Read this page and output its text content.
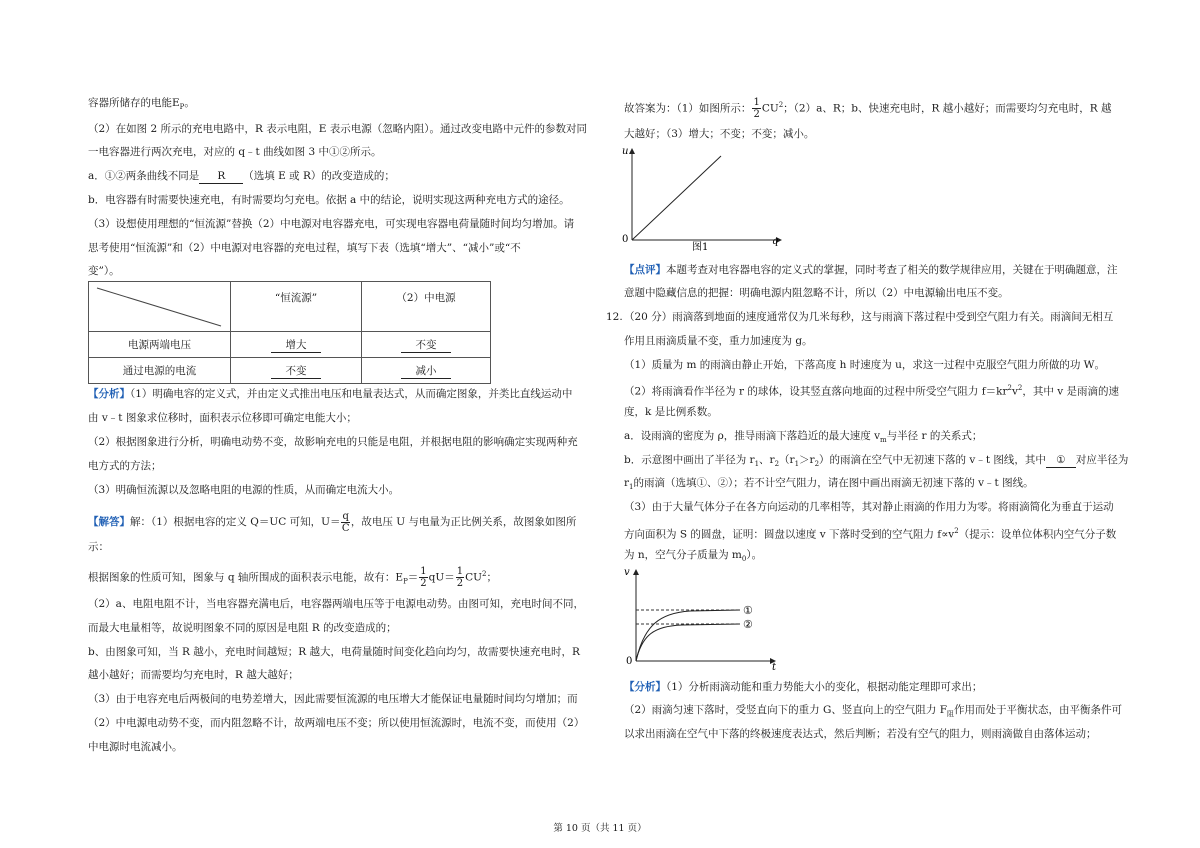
容器所储存的电能$E_P$。
（2）在如图 2 所示的充电电路中，R 表示电阻，E 表示电源（忽略内阻）。通过改变电路中元件的参数对同
一电容器进行两次充电，对应的 q﹣t 曲线如图 3 中①②所示。
a．①②两条曲线不同是 R （选填 E 或 R）的改变造成的；
b．电容器有时需要快速充电，有时需要均匀充电。依据 a 中的结论，说明实现这两种充电方式的途径。
（3）设想使用理想的“恒流源”替换（2）中电源对电容器充电，可实现电容器电荷量随时间均匀增加。请
思考使用“恒流源”和（2）中电源对电容器的充电过程，填写下表（选填“增大”、“减小”或“不
变”）。
	“恒流源”	（2）中电源
电源两端电压	增大	不变
通过电源的电流	不变	减小
【分析】（1）明确电容的定义式，并由定义式推出电压和电量表达式，从而确定图象，并类比直线运动中
由 v﹣t 图象求位移时，面积表示位移即可确定电能大小；
（2）根据图象进行分析，明确电动势不变，故影响充电的只能是电阻，并根据电阻的影响确定实现两种充
电方式的方法；
（3）明确恒流源以及忽略电阻的电源的性质，从而确定电流大小。
【解答】解：（1）根据电容的定义 Q＝UC 可知，$U= \frac{q}{C}$ ，故电压 U 与电量为正比例关系，故图象如图所
示：
根据图象的性质可知，图象与 q 轴所围成的面积表示电能，故有：$E_P= \frac{1}{2} qU= \frac{1}{2} CU^2$；
（2）a、电阻电阻不计，当电容器充满电后，电容器两端电压等于电源电动势。由图可知，充电时间不同，
而最大电量相等，故说明图象不同的原因是电阻 R 的改变造成的；
b、由图象可知，当 R 越小，充电时间越短；R 越大，电荷量随时间变化趋向均匀，故需要快速充电时，R
越小越好；而需要均匀充电时，R 越大越好；
（3）由于电容充电后两极间的电势差增大，因此需要恒流源的电压增大才能保证电量随时间均匀增加；而
（2）中电源电动势不变，而内阻忽略不计，故两端电压不变；所以使用恒流源时，电流不变，而使用（2）
中电源时电流减小。
故答案为：（1）如图所示： $\frac{1}{2} CU^2$；（2）a、R；b、快速充电时，R 越小越好；而需要均匀充电时，R 越
大越好；（3）增大；不变；不变；减小。
u
0	q
图1
【点评】本题考查对电容器电容的定义式的掌握，同时考查了相关的数学规律应用，关键在于明确题意，注
意题中隐藏信息的把握：明确电源内阻忽略不计，所以（2）中电源输出电压不变。
12. （20 分）雨滴落到地面的速度通常仅为几米每秒，这与雨滴下落过程中受到空气阻力有关。雨滴间无相互
作用且雨滴质量不变，重力加速度为 g。
（1）质量为 m 的雨滴由静止开始，下落高度 h 时速度为 u，求这一过程中克服空气阻力所做的功 W。
（2）将雨滴看作半径为 r 的球体，设其竖直落向地面的过程中所受空气阻力 $f=kr^2v^2$，其中 v 是雨滴的速
度，k 是比例系数。
a．设雨滴的密度为 ρ，推导雨滴下落趋近的最大速度 $v_m$与半径 r 的关系式；
b．示意图中画出了半径为 $r_1$、$r_2(r_1>r_2)$的雨滴在空气中无初速下落的 v﹣t 图线，其中 ① 对应半径为
$r_1$的雨滴（选填①、②）；若不计空气阻力，请在图中画出雨滴无初速下落的 v﹣t 图线。
（3）由于大量气体分子在各方向运动的几率相等，其对静止雨滴的作用力为零。将雨滴简化为垂直于运动
方向面积为 S 的圆盘，证明：圆盘以速度 v 下落时受到的空气阻力 $f\propto v^2$（提示：设单位体积内空气分子数
为 n，空气分子质量为 $m_0$）。
①
②
v
0
t
【分析】（1）分析雨滴动能和重力势能大小的变化，根据动能定理即可求出；
（2）雨滴匀速下落时，受竖直向下的重力 G、竖直向上的空气阻力 $F_阻$作用而处于平衡状态，由平衡条件可
以求出雨滴在空气中下落的终极速度表达式，然后判断；若没有空气的阻力，则雨滴做自由落体运动；
第 10 页（共 11 页）
